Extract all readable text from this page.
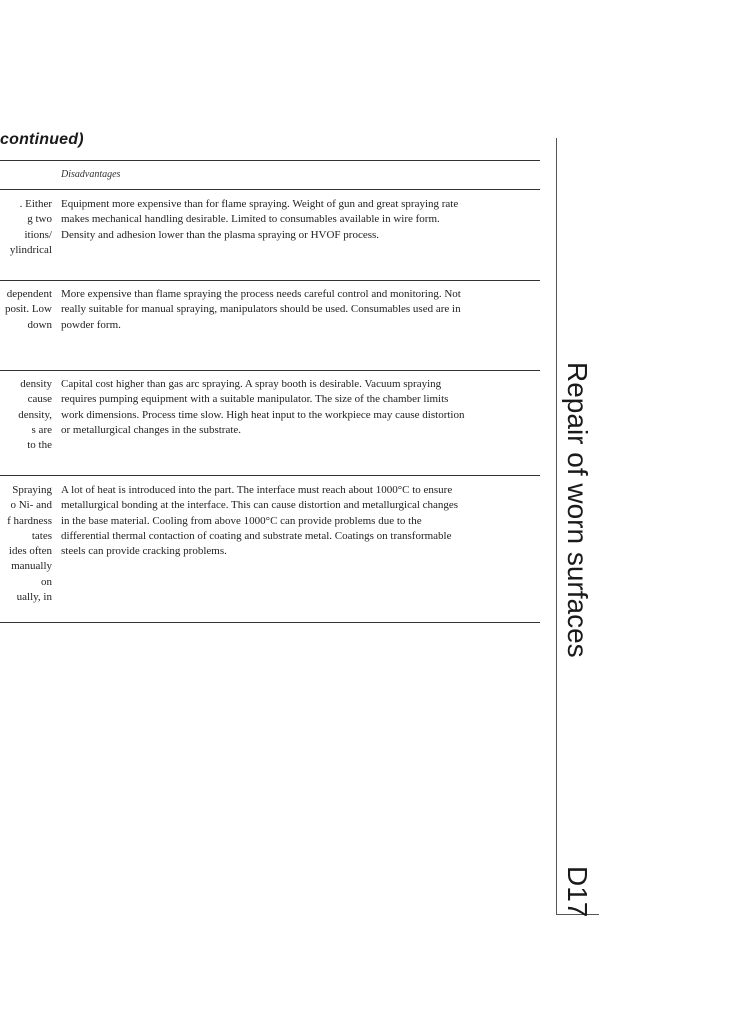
continued)
Disadvantages
. Either
g two
itions/
ylindrical
Equipment more expensive than for flame spraying. Weight of gun and great spraying rate
makes mechanical handling desirable. Limited to consumables available in wire form.
Density and adhesion lower than the plasma spraying or HVOF process.
dependent
posit. Low
down
More expensive than flame spraying the process needs careful control and monitoring. Not
really suitable for manual spraying, manipulators should be used. Consumables used are in
powder form.
density
cause
density,
s are
to the
Capital cost higher than gas arc spraying. A spray booth is desirable. Vacuum spraying
requires pumping equipment with a suitable manipulator. The size of the chamber limits
work dimensions. Process time slow. High heat input to the workpiece may cause distortion
or metallurgical changes in the substrate.
Spraying
o Ni- and
f hardness
tates
ides often
manually
on
ually, in
A lot of heat is introduced into the part. The interface must reach about 1000°C to ensure
metallurgical bonding at the interface. This can cause distortion and metallurgical changes
in the base material. Cooling from above 1000°C can provide problems due to the
differential thermal contaction of coating and substrate metal. Coatings on transformable
steels can provide cracking problems.	Repair of worn surfaces
D17
